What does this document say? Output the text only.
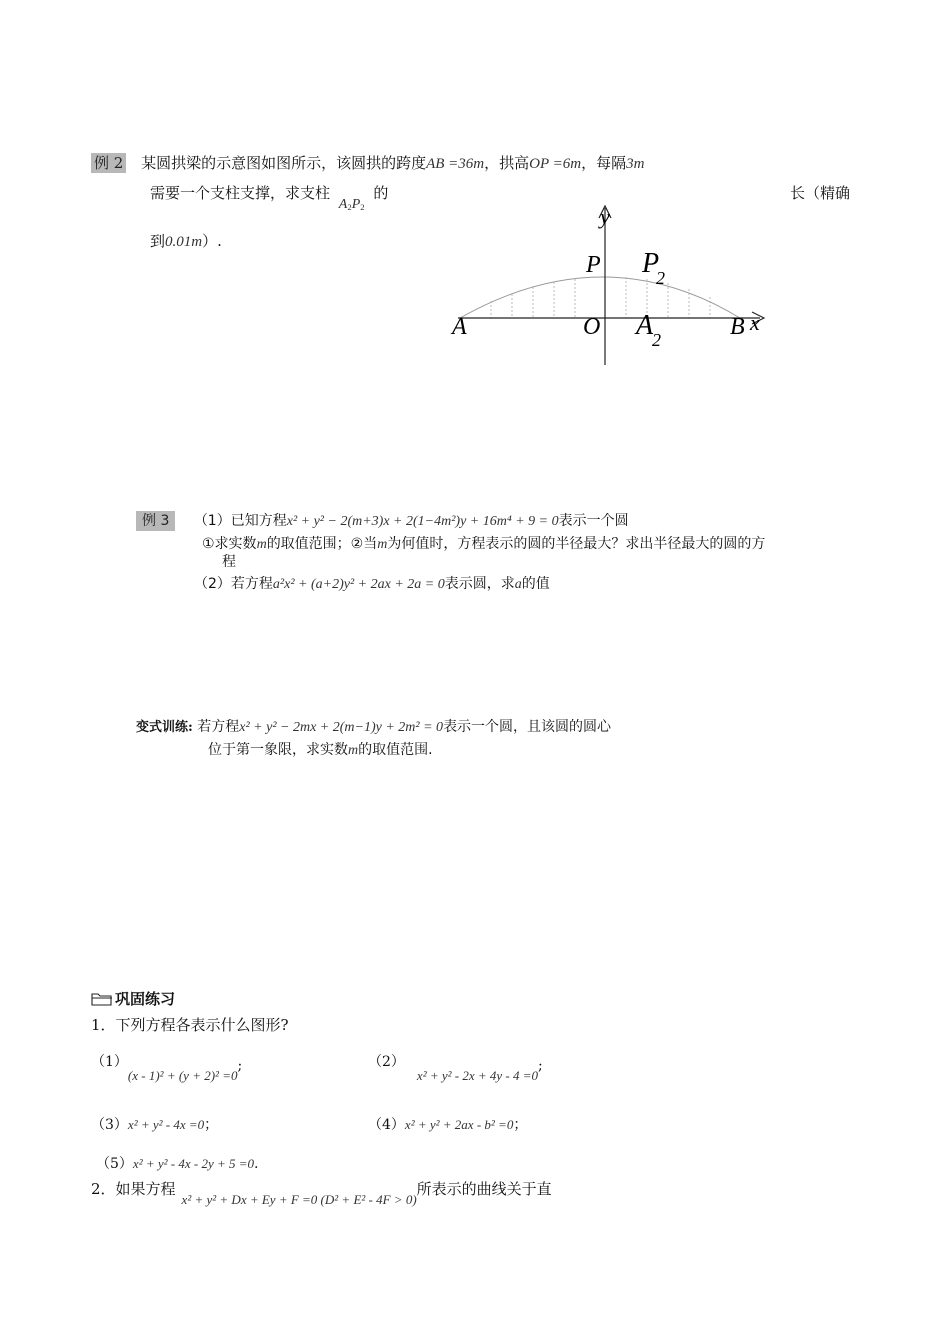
例 2 某圆拱梁的示意图如图所示，该圆拱的跨度AB =36m，拱高OP =6m，每隔3m
需要一个支柱支撑，求支柱 $A_2P_2$ 的	长（精确
到0.01m）.
y
x
P P
2
A	O A
2	B
例 3 （1）已知方程x² + y² − 2(m+3)x + 2(1−4m²)y + 16m⁴ + 9 = 0表示一个圆
①求实数m的取值范围；②当m为何值时，方程表示的圆的半径最大？求出半径最大的圆的方
程
（2）若方程a²x² + (a+2)y² + 2ax + 2a = 0表示圆，求a的值
变式训练: 若方程x² + y² − 2mx + 2(m−1)y + 2m² = 0表示一个圆，且该圆的圆心
位于第一象限，求实数m的取值范围.
巩固练习
1．下列方程各表示什么图形?
（1）(x - 1)² + (y + 2)² =0;	（2）x² + y² - 2x + 4y - 4 =0;
（3）x² + y² - 4x =0；	（4）x² + y² + 2ax - b² =0；
（5）x² + y² - 4x - 2y + 5 =0.
2．如果方程x² + y² + Dx + Ey + F =0 (D² + E² - 4F > 0)所表示的曲线关于直
